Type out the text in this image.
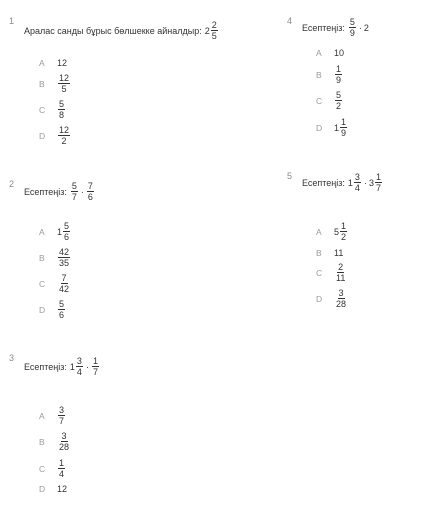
1
Аралас санды бұрыс бөлшекке айналдыр: $2 \frac{2}{5}$
A	12
B	$\frac{12}{5}$
C	$\frac{5}{8}$
D	$\frac{12}{2}$
2
Есептеңіз: $\frac{5}{7} \cdot \frac{7}{6}$
A	$1 \frac{5}{6}$
B	$\frac{42}{35}$
C	$\frac{7}{42}$
D	$\frac{5}{6}$
3
Есептеңіз: $1 \frac{3}{4} \cdot \frac{1}{7}$
A	$\frac{3}{7}$
B	$\frac{3}{28}$
C	$\frac{1}{4}$
D	12
4
Есептеңіз: $\frac{5}{9} \cdot 2$
A	10
B	$\frac{1}{9}$
C	$\frac{5}{2}$
D	$1 \frac{1}{9}$
5
Есептеңіз: $1 \frac{3}{4} \cdot 3 \frac{1}{7}$
A	$5 \frac{1}{2}$
B	11
C	$\frac{2}{11}$
D	$\frac{3}{28}$
